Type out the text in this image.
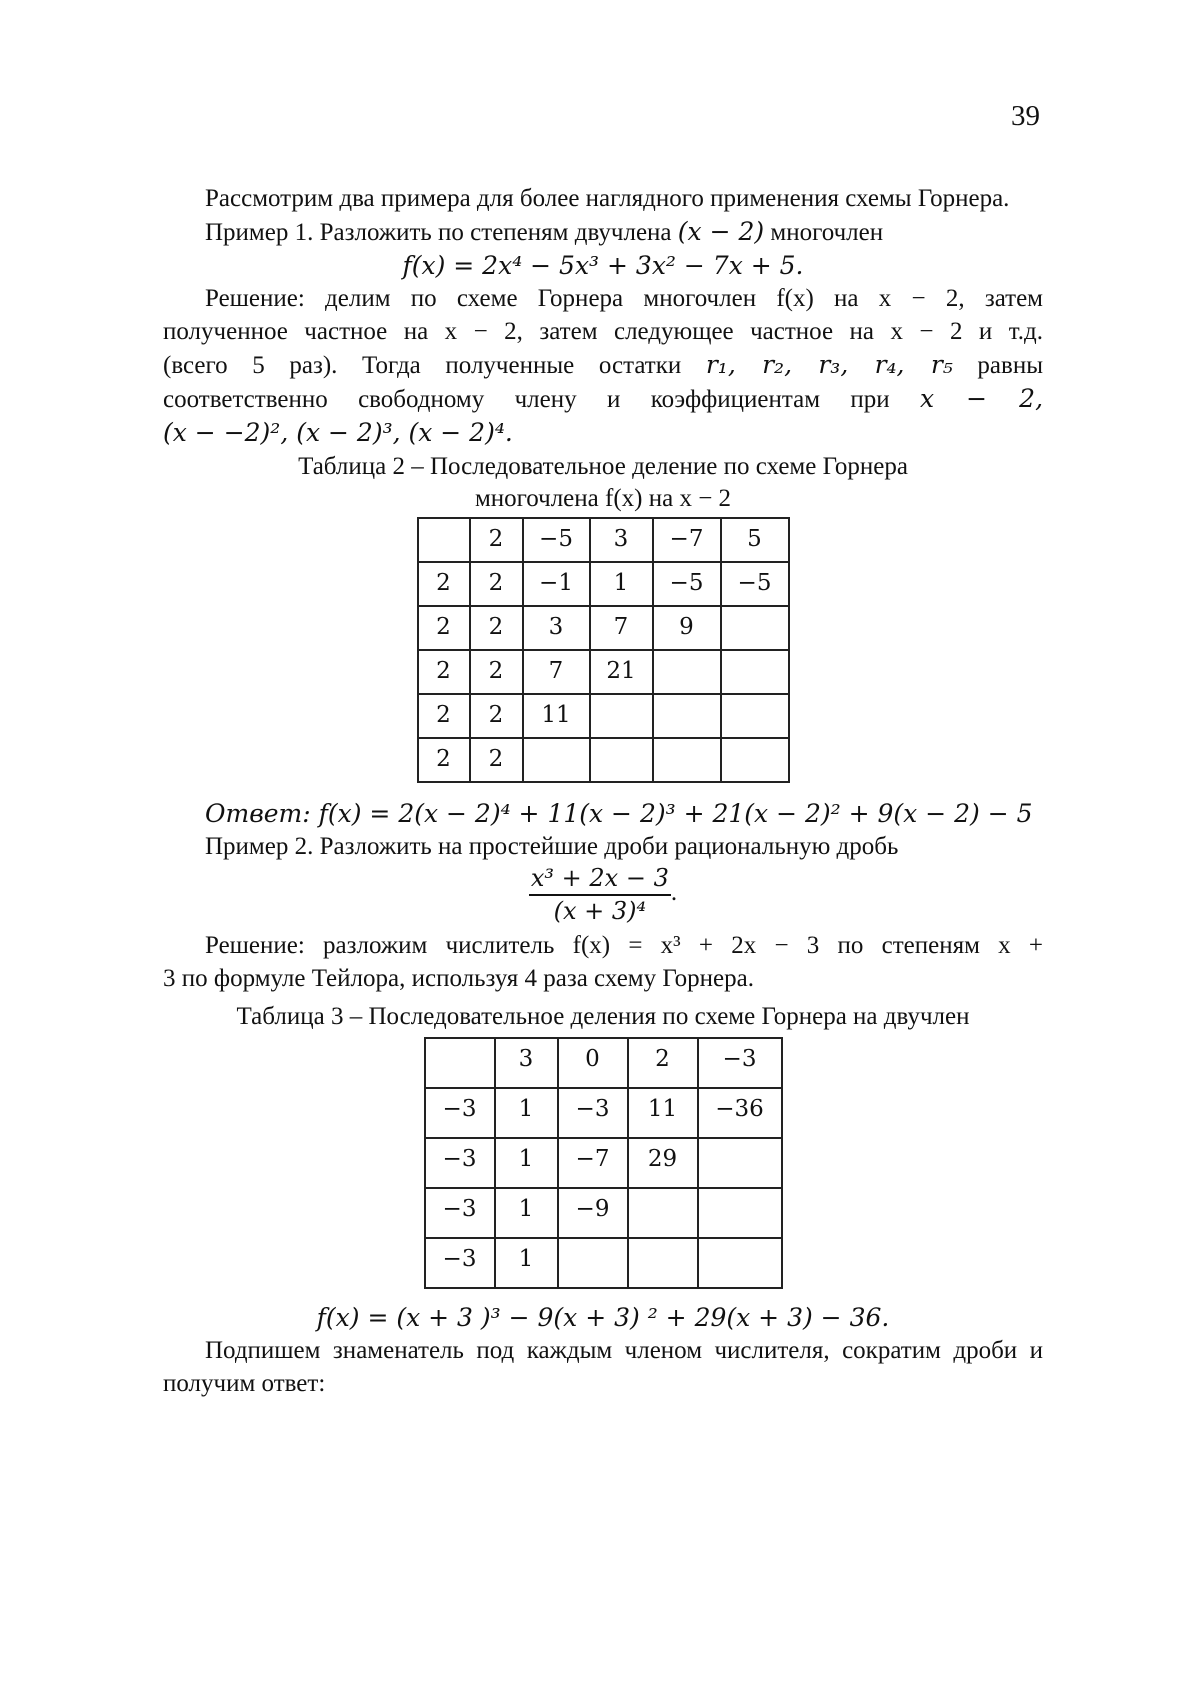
39

Рассмотрим два примера для более наглядного применения схемы Горнера.

Пример 1. Разложить по степеням двучлена (x − 2) многочлен

f(x) = 2x⁴ − 5x³ + 3x² − 7x + 5.

Решение: делим по схеме Горнера многочлен f(x) на x − 2, затем

полученное частное на x − 2, затем следующее частное на x − 2 и т.д.

(всего 5 раз). Тогда полученные остатки r₁, r₂, r₃, r₄, r₅ равны

соответственно свободному члену и коэффициентам при x − 2,

(x − −2)², (x − 2)³, (x − 2)⁴.

Таблица 2 – Последовательное деление по схеме Горнера

многочлена f(x) на x − 2

	2	−5	3	−7	5
2	2	−1	1	−5	−5
2	2	3	7	9	
2	2	7	21		
2	2	11			
2	2				

Ответ: f(x) = 2(x − 2)⁴ + 11(x − 2)³ + 21(x − 2)² + 9(x − 2) − 5

Пример 2. Разложить на простейшие дроби рациональную дробь

x³ + 2x − 3
(x + 3)⁴
.

Решение: разложим числитель f(x) = x³ + 2x − 3 по степеням x +

3 по формуле Тейлора, используя 4 раза схему Горнера.

Таблица 3 – Последовательное деления по схеме Горнера на двучлен

	3	0	2	−3
−3	1	−3	11	−36
−3	1	−7	29	
−3	1	−9		
−3	1			

f(x) = (x + 3 )³ − 9(x + 3) ² + 29(x + 3) − 36.

Подпишем знаменатель под каждым членом числителя, сократим дроби и получим ответ:
